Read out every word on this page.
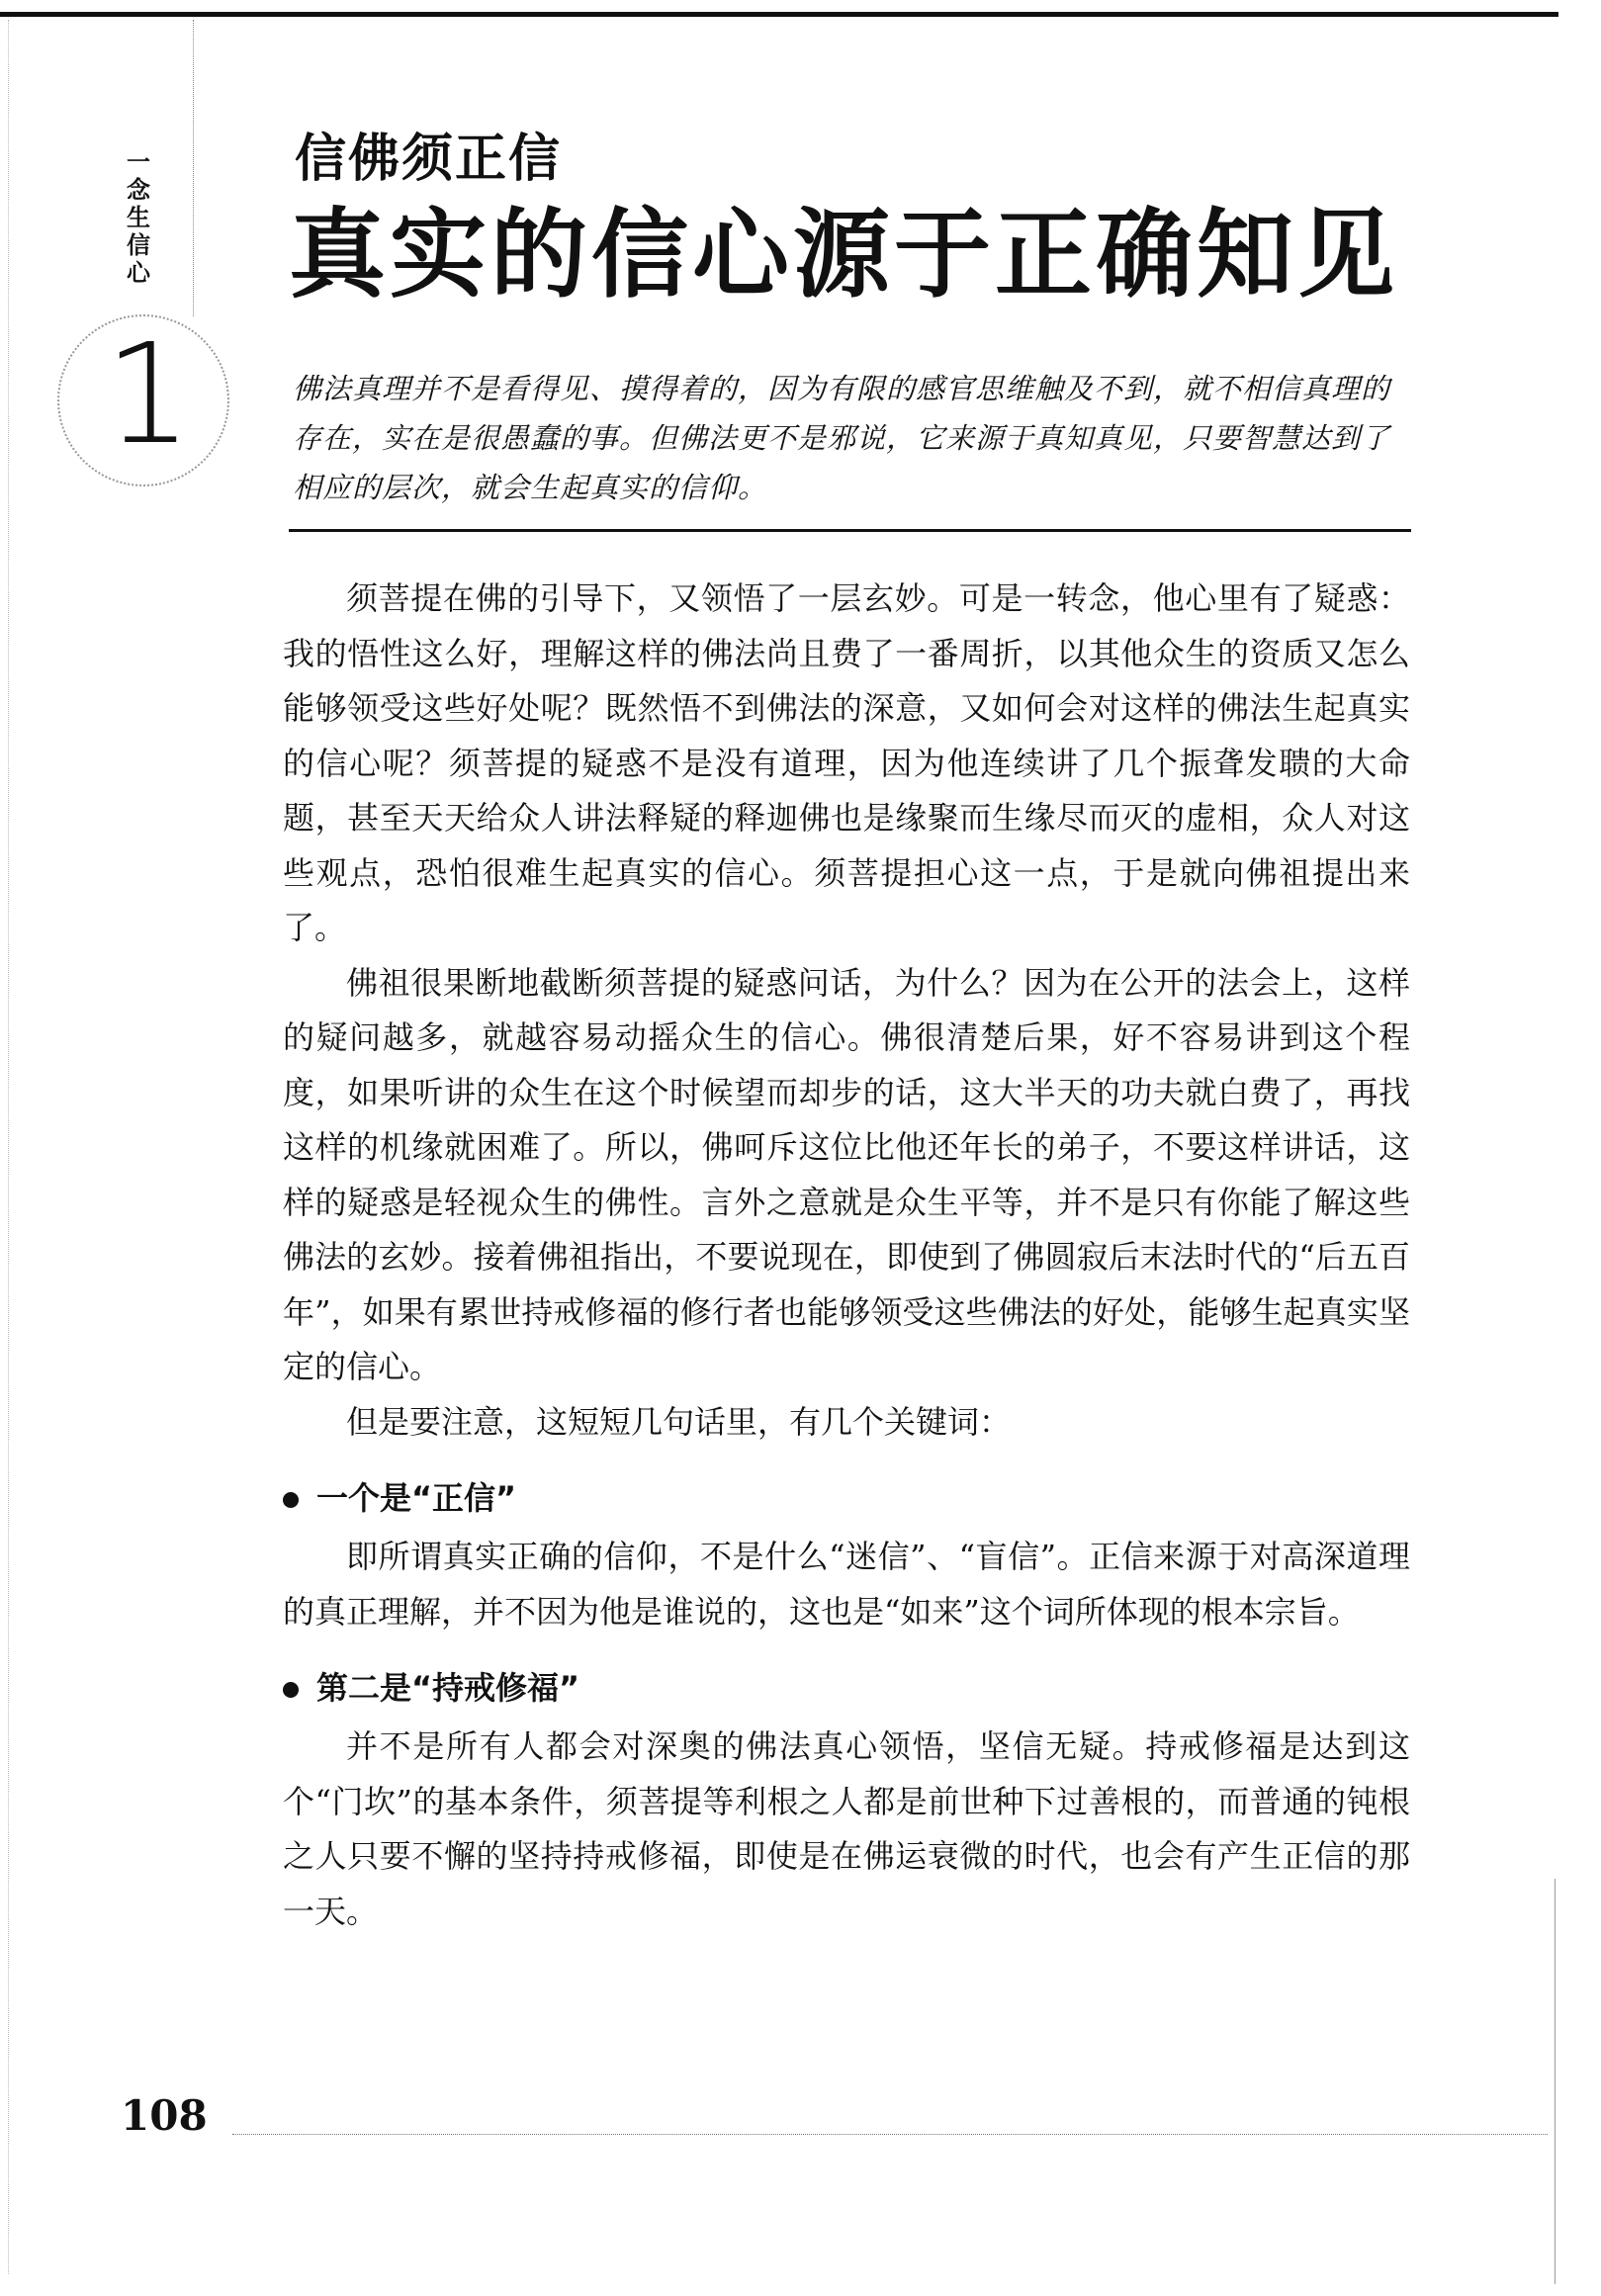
一
念
生
信
心
1
信佛须正信
真实的信心源于正确知见
佛法真理并不是看得见、摸得着的，因为有限的感官思维触及不到，就不相信真理的存在，实在是很愚蠢的事。但佛法更不是邪说，它来源于真知真见，只要智慧达到了相应的层次，就会生起真实的信仰。

须菩提在佛的引导下，又领悟了一层玄妙。可是一转念，他心里有了疑惑：我的悟性这么好，理解这样的佛法尚且费了一番周折，以其他众生的资质又怎么能够领受这些好处呢？既然悟不到佛法的深意，又如何会对这样的佛法生起真实的信心呢？须菩提的疑惑不是没有道理，因为他连续讲了几个振聋发聩的大命题，甚至天天给众人讲法释疑的释迦佛也是缘聚而生缘尽而灭的虚相，众人对这些观点，恐怕很难生起真实的信心。须菩提担心这一点，于是就向佛祖提出来了。

佛祖很果断地截断须菩提的疑惑问话，为什么？因为在公开的法会上，这样的疑问越多，就越容易动摇众生的信心。佛很清楚后果，好不容易讲到这个程度，如果听讲的众生在这个时候望而却步的话，这大半天的功夫就白费了，再找这样的机缘就困难了。所以，佛呵斥这位比他还年长的弟子，不要这样讲话，这样的疑惑是轻视众生的佛性。言外之意就是众生平等，并不是只有你能了解这些佛法的玄妙。接着佛祖指出，不要说现在，即使到了佛圆寂后末法时代的“后五百年”，如果有累世持戒修福的修行者也能够领受这些佛法的好处，能够生起真实坚定的信心。

但是要注意，这短短几句话里，有几个关键词：

一个是“正信”

即所谓真实正确的信仰，不是什么“迷信”、“盲信”。正信来源于对高深道理的真正理解，并不因为他是谁说的，这也是“如来”这个词所体现的根本宗旨。

第二是“持戒修福”

并不是所有人都会对深奥的佛法真心领悟，坚信无疑。持戒修福是达到这个“门坎”的基本条件，须菩提等利根之人都是前世种下过善根的，而普通的钝根之人只要不懈的坚持持戒修福，即使是在佛运衰微的时代，也会有产生正信的那一天。

108
